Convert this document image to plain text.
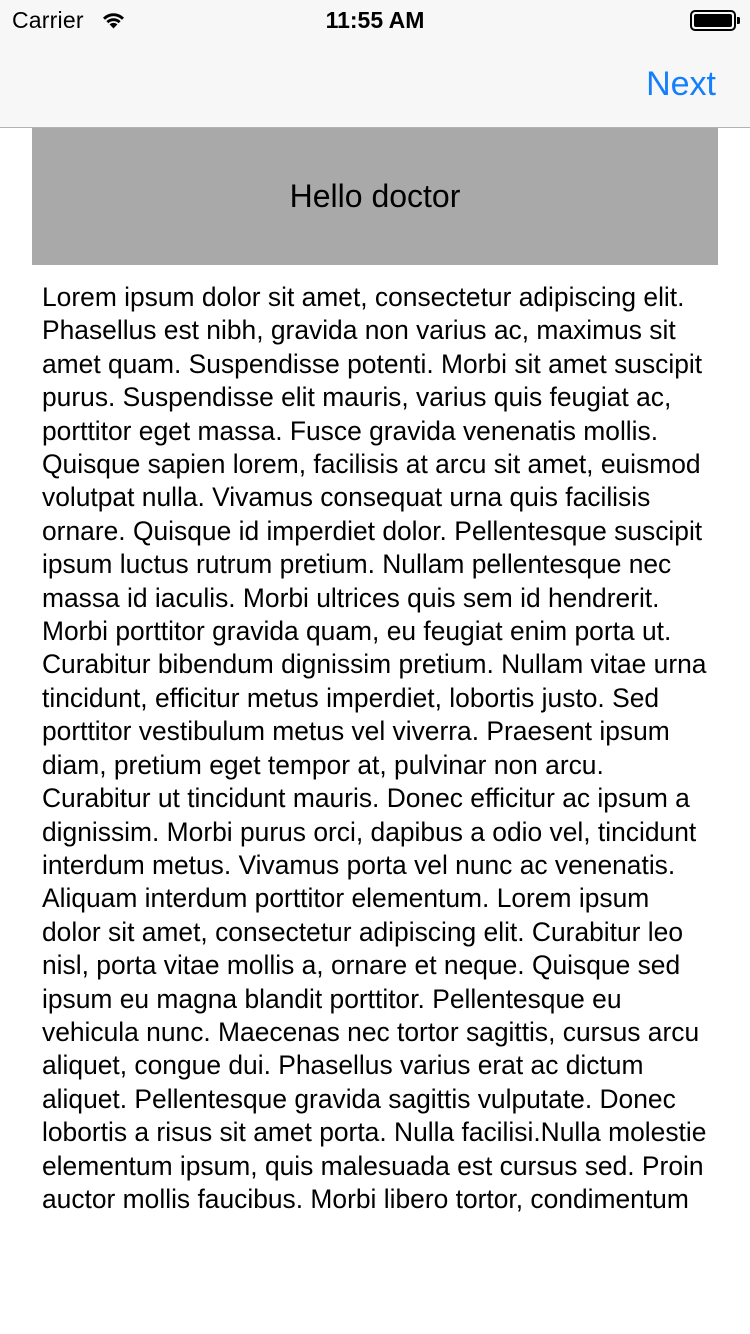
Carrier	11:55 AM
Next
Hello doctor

Lorem ipsum dolor sit amet, consectetur adipiscing elit. Phasellus est nibh, gravida non varius ac, maximus sit amet quam. Suspendisse potenti. Morbi sit amet suscipit purus. Suspendisse elit mauris, varius quis feugiat ac, porttitor eget massa. Fusce gravida venenatis mollis. Quisque sapien lorem, facilisis at arcu sit amet, euismod volutpat nulla. Vivamus consequat urna quis facilisis ornare. Quisque id imperdiet dolor. Pellentesque suscipit ipsum luctus rutrum pretium. Nullam pellentesque nec massa id iaculis. Morbi ultrices quis sem id hendrerit. Morbi porttitor gravida quam, eu feugiat enim porta ut. Curabitur bibendum dignissim pretium. Nullam vitae urna tincidunt, efficitur metus imperdiet, lobortis justo. Sed porttitor vestibulum metus vel viverra. Praesent ipsum diam, pretium eget tempor at, pulvinar non arcu. Curabitur ut tincidunt mauris. Donec efficitur ac ipsum a dignissim. Morbi purus orci, dapibus a odio vel, tincidunt interdum metus. Vivamus porta vel nunc ac venenatis. Aliquam interdum porttitor elementum. Lorem ipsum dolor sit amet, consectetur adipiscing elit. Curabitur leo nisl, porta vitae mollis a, ornare et neque. Quisque sed ipsum eu magna blandit porttitor. Pellentesque eu vehicula nunc. Maecenas nec tortor sagittis, cursus arcu aliquet, congue dui. Phasellus varius erat ac dictum aliquet. Pellentesque gravida sagittis vulputate. Donec lobortis a risus sit amet porta. Nulla facilisi.Nulla molestie elementum ipsum, quis malesuada est cursus sed. Proin auctor mollis faucibus. Morbi libero tortor, condimentum
